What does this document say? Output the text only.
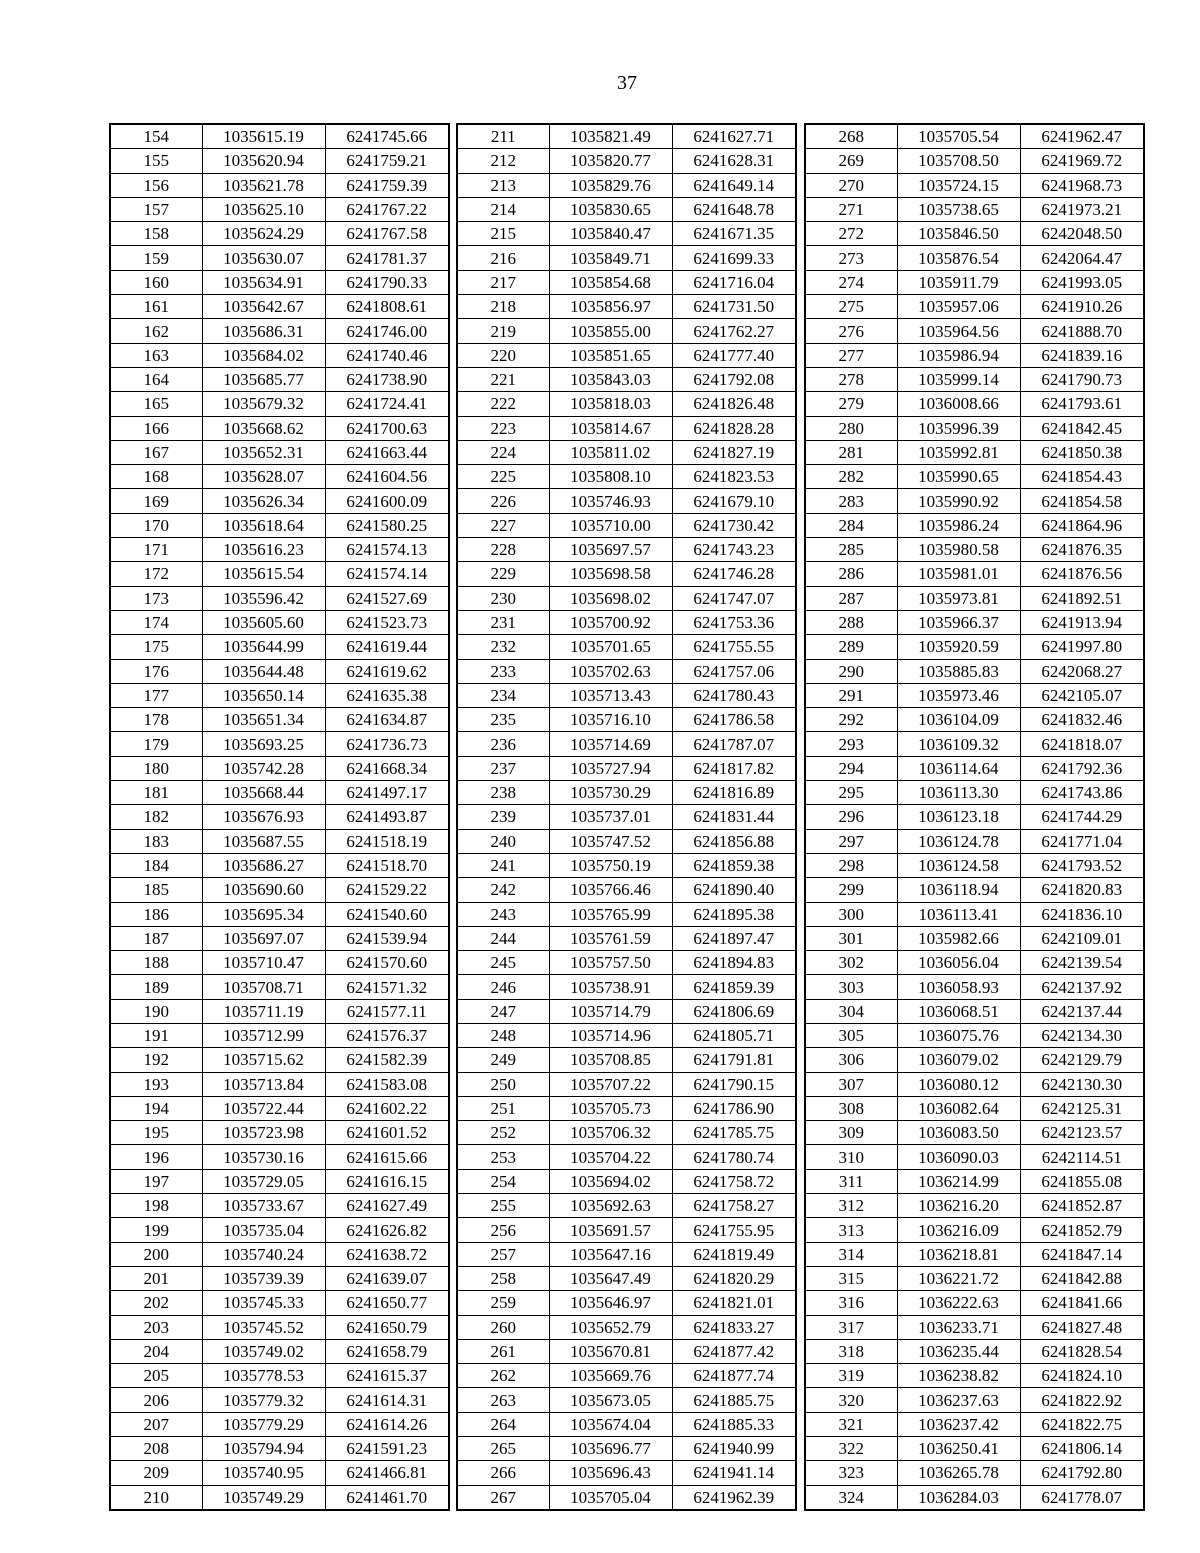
37
154	1035615.19	6241745.66
155	1035620.94	6241759.21
156	1035621.78	6241759.39
157	1035625.10	6241767.22
158	1035624.29	6241767.58
159	1035630.07	6241781.37
160	1035634.91	6241790.33
161	1035642.67	6241808.61
162	1035686.31	6241746.00
163	1035684.02	6241740.46
164	1035685.77	6241738.90
165	1035679.32	6241724.41
166	1035668.62	6241700.63
167	1035652.31	6241663.44
168	1035628.07	6241604.56
169	1035626.34	6241600.09
170	1035618.64	6241580.25
171	1035616.23	6241574.13
172	1035615.54	6241574.14
173	1035596.42	6241527.69
174	1035605.60	6241523.73
175	1035644.99	6241619.44
176	1035644.48	6241619.62
177	1035650.14	6241635.38
178	1035651.34	6241634.87
179	1035693.25	6241736.73
180	1035742.28	6241668.34
181	1035668.44	6241497.17
182	1035676.93	6241493.87
183	1035687.55	6241518.19
184	1035686.27	6241518.70
185	1035690.60	6241529.22
186	1035695.34	6241540.60
187	1035697.07	6241539.94
188	1035710.47	6241570.60
189	1035708.71	6241571.32
190	1035711.19	6241577.11
191	1035712.99	6241576.37
192	1035715.62	6241582.39
193	1035713.84	6241583.08
194	1035722.44	6241602.22
195	1035723.98	6241601.52
196	1035730.16	6241615.66
197	1035729.05	6241616.15
198	1035733.67	6241627.49
199	1035735.04	6241626.82
200	1035740.24	6241638.72
201	1035739.39	6241639.07
202	1035745.33	6241650.77
203	1035745.52	6241650.79
204	1035749.02	6241658.79
205	1035778.53	6241615.37
206	1035779.32	6241614.31
207	1035779.29	6241614.26
208	1035794.94	6241591.23
209	1035740.95	6241466.81
210	1035749.29	6241461.70
211	1035821.49	6241627.71
212	1035820.77	6241628.31
213	1035829.76	6241649.14
214	1035830.65	6241648.78
215	1035840.47	6241671.35
216	1035849.71	6241699.33
217	1035854.68	6241716.04
218	1035856.97	6241731.50
219	1035855.00	6241762.27
220	1035851.65	6241777.40
221	1035843.03	6241792.08
222	1035818.03	6241826.48
223	1035814.67	6241828.28
224	1035811.02	6241827.19
225	1035808.10	6241823.53
226	1035746.93	6241679.10
227	1035710.00	6241730.42
228	1035697.57	6241743.23
229	1035698.58	6241746.28
230	1035698.02	6241747.07
231	1035700.92	6241753.36
232	1035701.65	6241755.55
233	1035702.63	6241757.06
234	1035713.43	6241780.43
235	1035716.10	6241786.58
236	1035714.69	6241787.07
237	1035727.94	6241817.82
238	1035730.29	6241816.89
239	1035737.01	6241831.44
240	1035747.52	6241856.88
241	1035750.19	6241859.38
242	1035766.46	6241890.40
243	1035765.99	6241895.38
244	1035761.59	6241897.47
245	1035757.50	6241894.83
246	1035738.91	6241859.39
247	1035714.79	6241806.69
248	1035714.96	6241805.71
249	1035708.85	6241791.81
250	1035707.22	6241790.15
251	1035705.73	6241786.90
252	1035706.32	6241785.75
253	1035704.22	6241780.74
254	1035694.02	6241758.72
255	1035692.63	6241758.27
256	1035691.57	6241755.95
257	1035647.16	6241819.49
258	1035647.49	6241820.29
259	1035646.97	6241821.01
260	1035652.79	6241833.27
261	1035670.81	6241877.42
262	1035669.76	6241877.74
263	1035673.05	6241885.75
264	1035674.04	6241885.33
265	1035696.77	6241940.99
266	1035696.43	6241941.14
267	1035705.04	6241962.39
268	1035705.54	6241962.47
269	1035708.50	6241969.72
270	1035724.15	6241968.73
271	1035738.65	6241973.21
272	1035846.50	6242048.50
273	1035876.54	6242064.47
274	1035911.79	6241993.05
275	1035957.06	6241910.26
276	1035964.56	6241888.70
277	1035986.94	6241839.16
278	1035999.14	6241790.73
279	1036008.66	6241793.61
280	1035996.39	6241842.45
281	1035992.81	6241850.38
282	1035990.65	6241854.43
283	1035990.92	6241854.58
284	1035986.24	6241864.96
285	1035980.58	6241876.35
286	1035981.01	6241876.56
287	1035973.81	6241892.51
288	1035966.37	6241913.94
289	1035920.59	6241997.80
290	1035885.83	6242068.27
291	1035973.46	6242105.07
292	1036104.09	6241832.46
293	1036109.32	6241818.07
294	1036114.64	6241792.36
295	1036113.30	6241743.86
296	1036123.18	6241744.29
297	1036124.78	6241771.04
298	1036124.58	6241793.52
299	1036118.94	6241820.83
300	1036113.41	6241836.10
301	1035982.66	6242109.01
302	1036056.04	6242139.54
303	1036058.93	6242137.92
304	1036068.51	6242137.44
305	1036075.76	6242134.30
306	1036079.02	6242129.79
307	1036080.12	6242130.30
308	1036082.64	6242125.31
309	1036083.50	6242123.57
310	1036090.03	6242114.51
311	1036214.99	6241855.08
312	1036216.20	6241852.87
313	1036216.09	6241852.79
314	1036218.81	6241847.14
315	1036221.72	6241842.88
316	1036222.63	6241841.66
317	1036233.71	6241827.48
318	1036235.44	6241828.54
319	1036238.82	6241824.10
320	1036237.63	6241822.92
321	1036237.42	6241822.75
322	1036250.41	6241806.14
323	1036265.78	6241792.80
324	1036284.03	6241778.07
